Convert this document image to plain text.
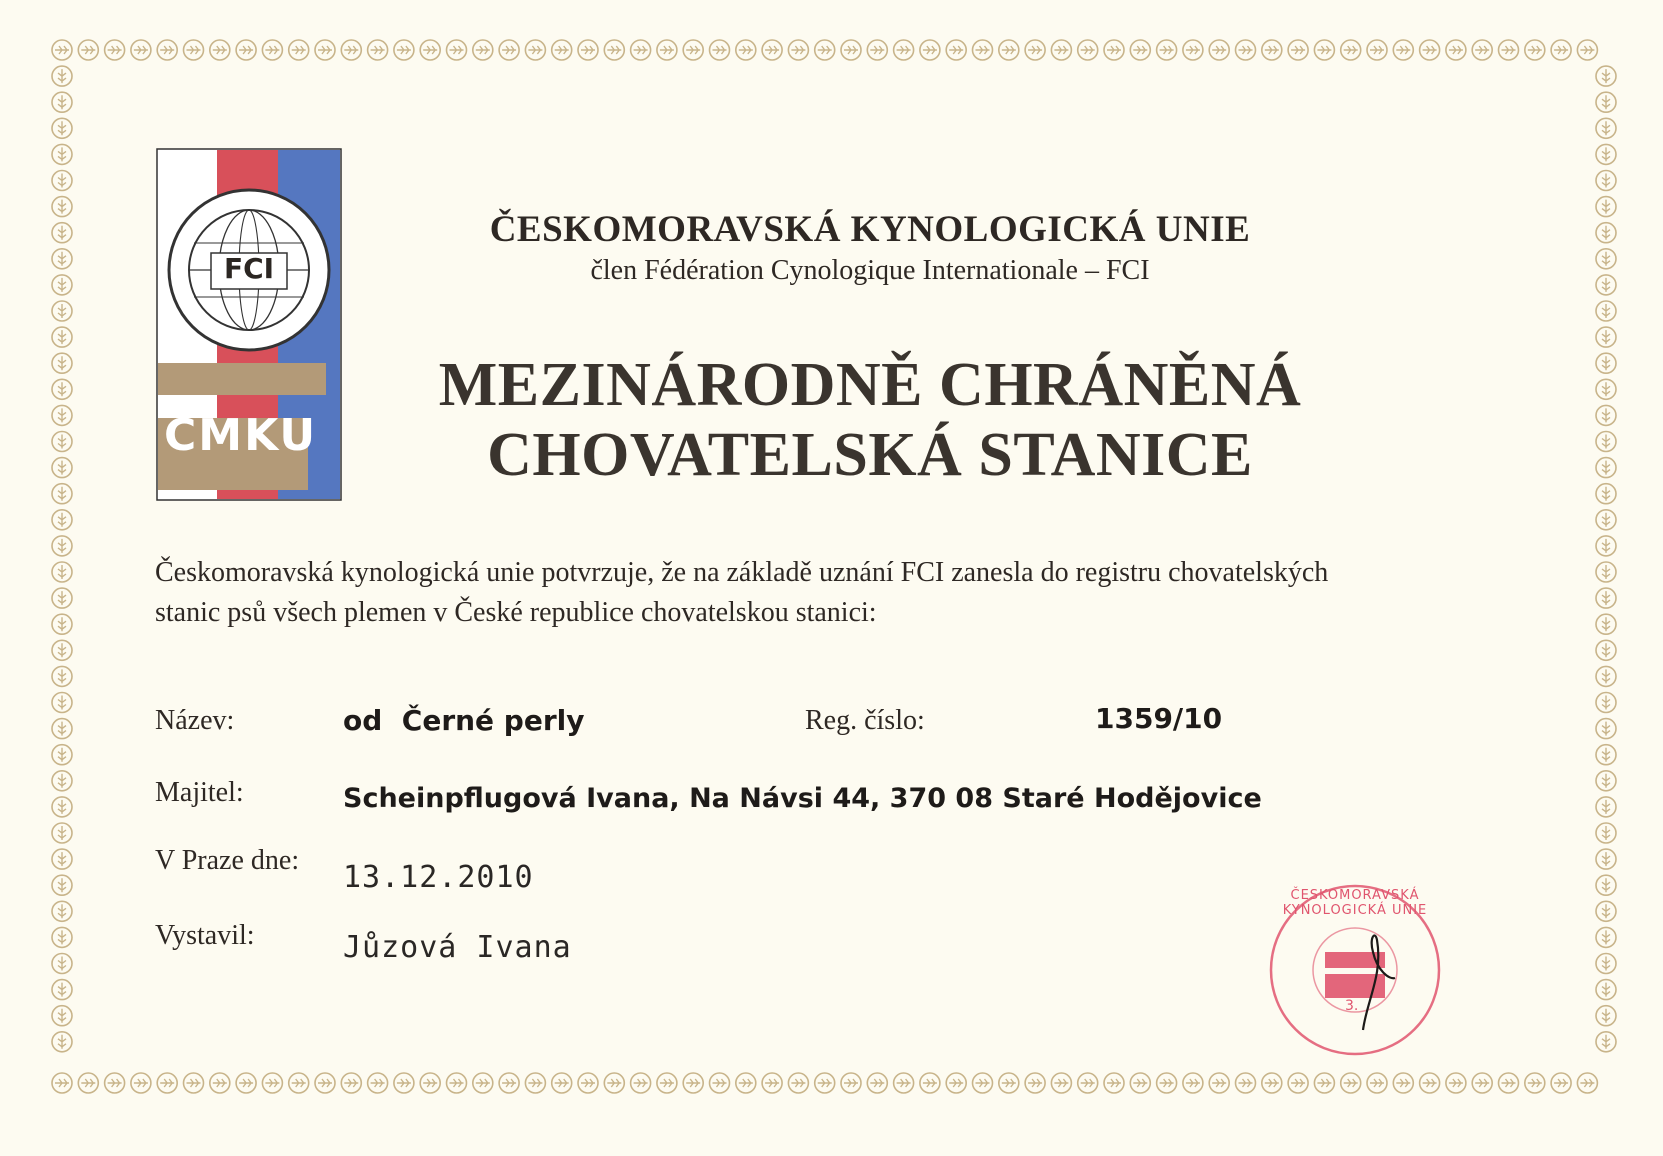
FCI
ČMKU
ČESKOMORAVSKÁ KYNOLOGICKÁ UNIE
člen Fédération Cynologique Internationale – FCI
MEZINÁRODNĚ CHRÁNĚNÁ
CHOVATELSKÁ STANICE
Českomoravská kynologická unie potvrzuje, že na základě uznání FCI zanesla do registru chovatelských
stanic psů všech plemen v České republice chovatelskou stanici:
Název:	od  Černé perly	Reg. číslo:	1359/10
Majitel:	Scheinpflugová Ivana, Na Návsi 44, 370 08 Staré Hodějovice
V Praze dne: 13.12.2010
Vystavil:	Jůzová Ivana
ČESKOMORAVSKÁ KYNOLOGICKÁ UNIE
3.
